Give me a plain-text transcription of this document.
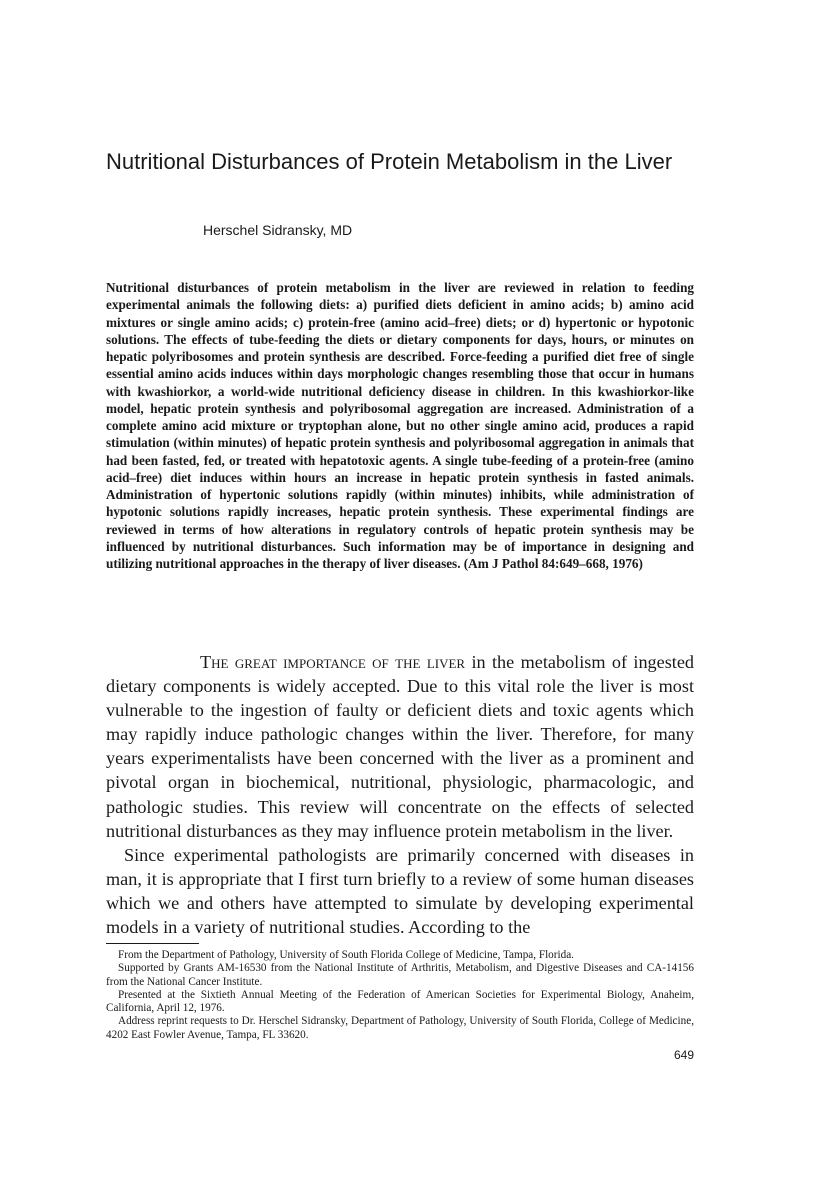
Nutritional Disturbances of Protein Metabolism in the Liver
Herschel Sidransky, MD

Nutritional disturbances of protein metabolism in the liver are reviewed in relation to feeding experimental animals the following diets: a) purified diets deficient in amino acids; b) amino acid mixtures or single amino acids; c) protein-free (amino acid–free) diets; or d) hypertonic or hypotonic solutions. The effects of tube-feeding the diets or dietary components for days, hours, or minutes on hepatic polyribosomes and protein synthesis are described. Force-feeding a purified diet free of single essential amino acids induces within days morphologic changes resembling those that occur in humans with kwashiorkor, a world-wide nutritional deficiency disease in children. In this kwashiorkor-like model, hepatic protein synthesis and polyribosomal aggregation are increased. Administration of a complete amino acid mixture or tryptophan alone, but no other single amino acid, produces a rapid stimulation (within minutes) of hepatic protein synthesis and polyribosomal aggregation in animals that had been fasted, fed, or treated with hepatotoxic agents. A single tube-feeding of a protein-free (amino acid–free) diet induces within hours an increase in hepatic protein synthesis in fasted animals. Administration of hypertonic solutions rapidly (within minutes) inhibits, while administration of hypotonic solutions rapidly increases, hepatic protein synthesis. These experimental findings are reviewed in terms of how alterations in regulatory controls of hepatic protein synthesis may be influenced by nutritional disturbances. Such information may be of importance in designing and utilizing nutritional approaches in the therapy of liver diseases. (Am J Pathol 84:649–668, 1976)

The great importance of the liver in the metabolism of ingested dietary components is widely accepted. Due to this vital role the liver is most vulnerable to the ingestion of faulty or deficient diets and toxic agents which may rapidly induce pathologic changes within the liver. Therefore, for many years experimentalists have been concerned with the liver as a prominent and pivotal organ in biochemical, nutritional, physiologic, pharmacologic, and pathologic studies. This review will concentrate on the effects of selected nutritional disturbances as they may influence protein metabolism in the liver.

Since experimental pathologists are primarily concerned with diseases in man, it is appropriate that I first turn briefly to a review of some human diseases which we and others have attempted to simulate by developing experimental models in a variety of nutritional studies. According to the

From the Department of Pathology, University of South Florida College of Medicine, Tampa, Florida.

Supported by Grants AM-16530 from the National Institute of Arthritis, Metabolism, and Digestive Diseases and CA-14156 from the National Cancer Institute.

Presented at the Sixtieth Annual Meeting of the Federation of American Societies for Experimental Biology, Anaheim, California, April 12, 1976.

Address reprint requests to Dr. Herschel Sidransky, Department of Pathology, University of South Florida, College of Medicine, 4202 East Fowler Avenue, Tampa, FL 33620.

649
